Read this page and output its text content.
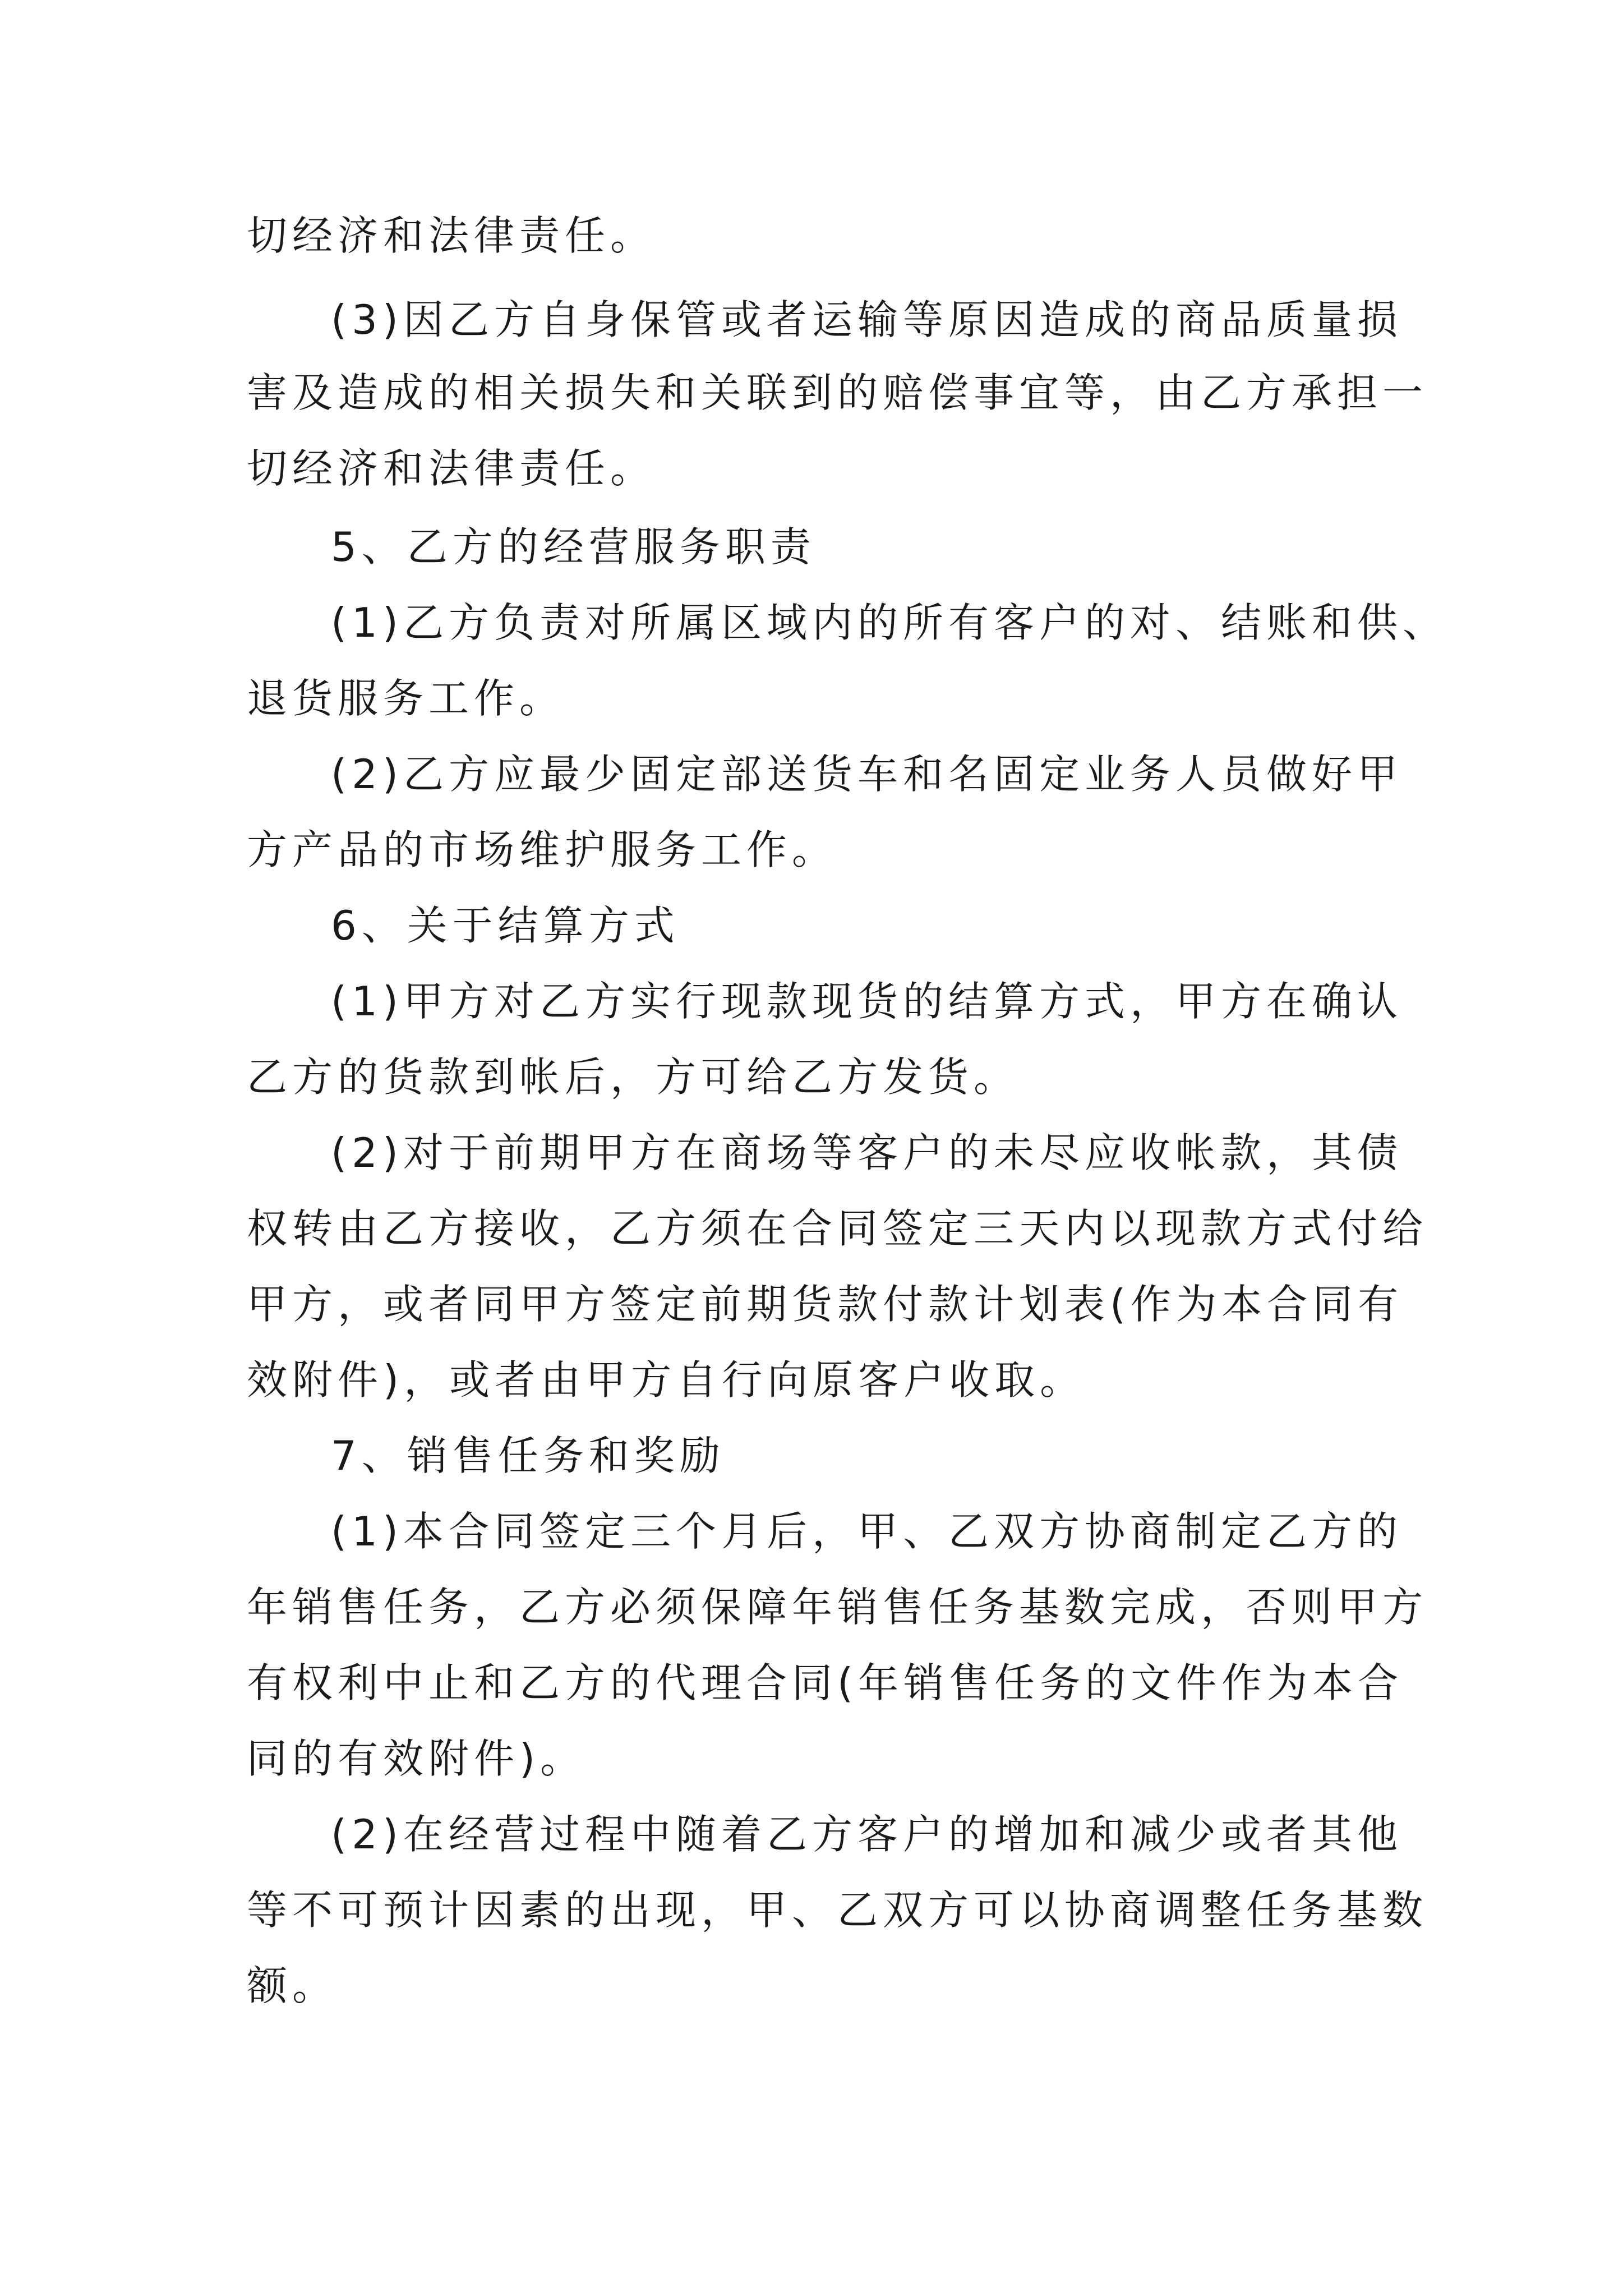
切经济和法律责任。
(3)因乙方自身保管或者运输等原因造成的商品质量损
害及造成的相关损失和关联到的赔偿事宜等，由乙方承担一
切经济和法律责任。
5、乙方的经营服务职责
(1)乙方负责对所属区域内的所有客户的对、结账和供、
退货服务工作。
(2)乙方应最少固定部送货车和名固定业务人员做好甲
方产品的市场维护服务工作。
6、关于结算方式
(1)甲方对乙方实行现款现货的结算方式，甲方在确认
乙方的货款到帐后，方可给乙方发货。
(2)对于前期甲方在商场等客户的未尽应收帐款，其债
权转由乙方接收，乙方须在合同签定三天内以现款方式付给
甲方，或者同甲方签定前期货款付款计划表(作为本合同有
效附件)，或者由甲方自行向原客户收取。
7、销售任务和奖励
(1)本合同签定三个月后，甲、乙双方协商制定乙方的
年销售任务，乙方必须保障年销售任务基数完成，否则甲方
有权利中止和乙方的代理合同(年销售任务的文件作为本合
同的有效附件)。
(2)在经营过程中随着乙方客户的增加和减少或者其他
等不可预计因素的出现，甲、乙双方可以协商调整任务基数
额。
